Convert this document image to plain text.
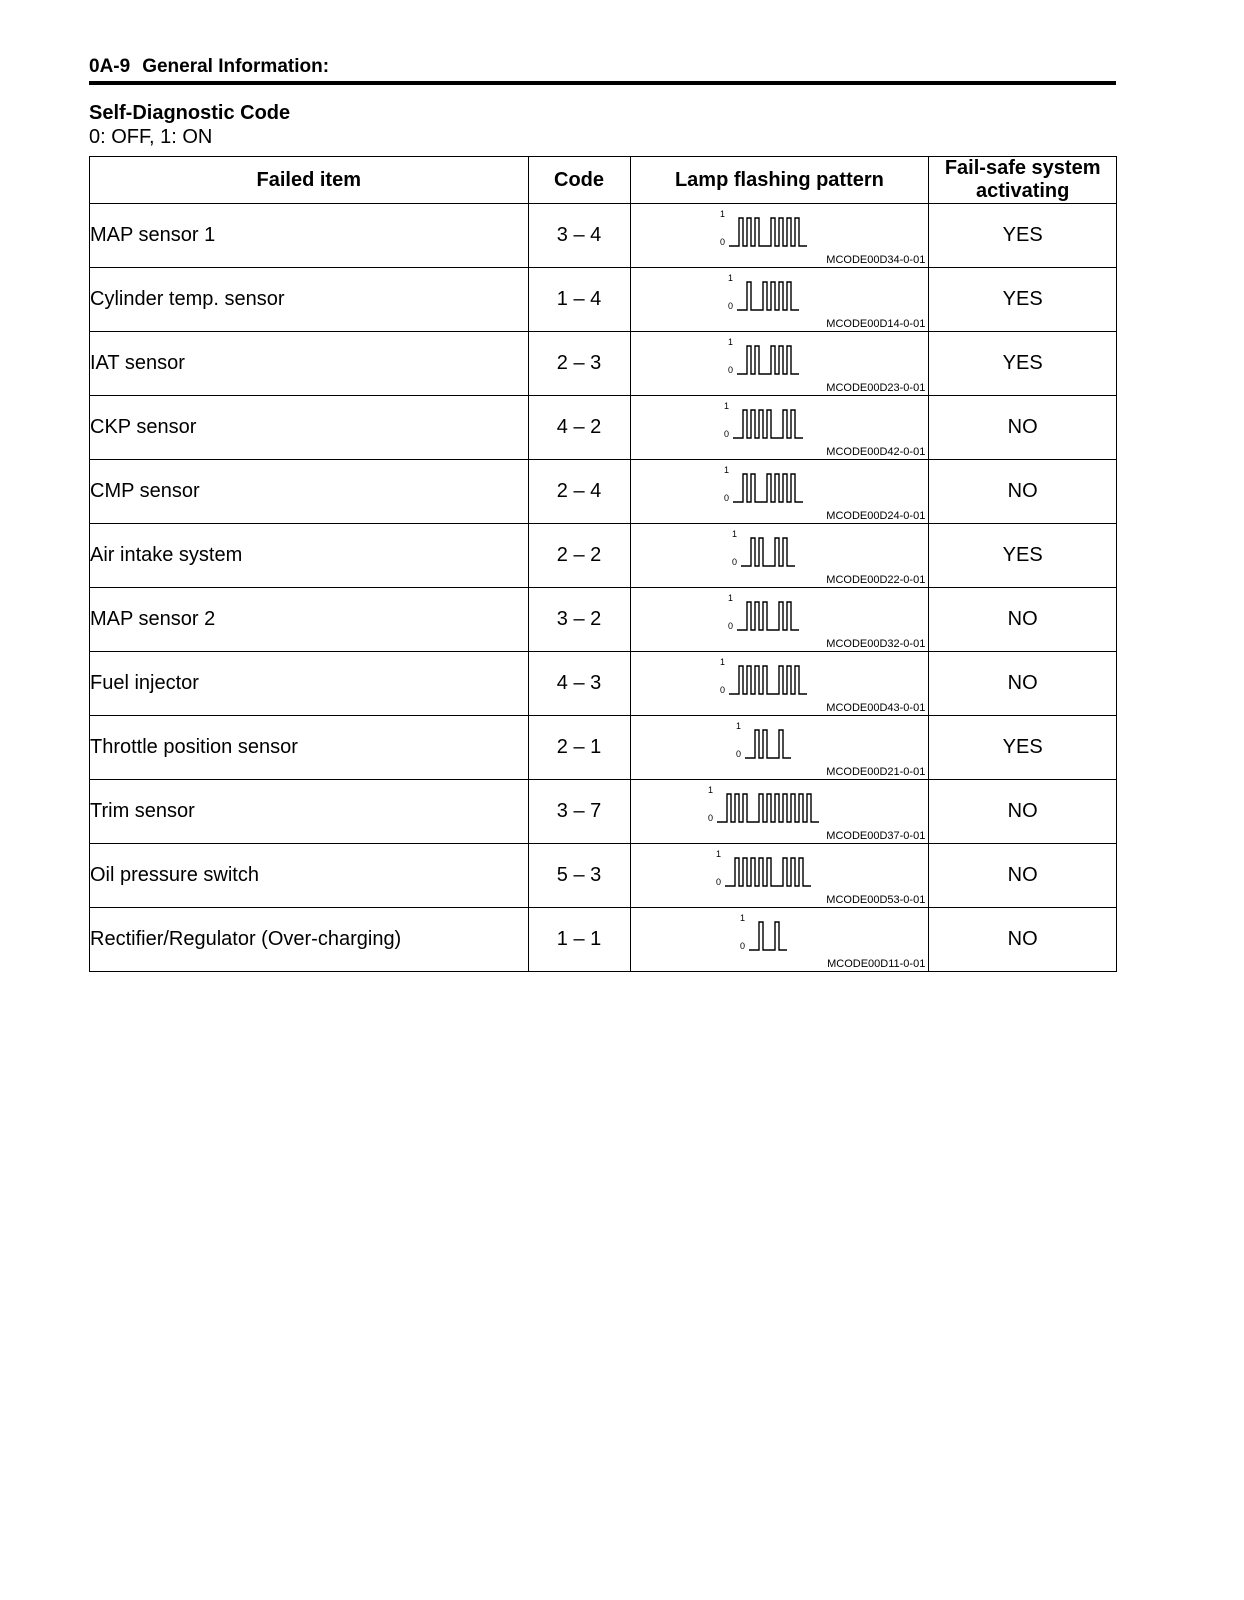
0A-9 General Information:
Self-Diagnostic Code
0: OFF, 1: ON
Failed item	Code	Lamp flashing pattern	Fail-safe system activating
MAP sensor 1	3 – 4	1
0
MCODE00D34-0-01	YES
Cylinder temp. sensor	1 – 4	1
0
MCODE00D14-0-01	YES
IAT sensor	2 – 3	1
0
MCODE00D23-0-01	YES
CKP sensor	4 – 2	1
0
MCODE00D42-0-01	NO
CMP sensor	2 – 4	1
0
MCODE00D24-0-01	NO
Air intake system	2 – 2	1
0
MCODE00D22-0-01	YES
MAP sensor 2	3 – 2	1
0
MCODE00D32-0-01	NO
Fuel injector	4 – 3	1
0
MCODE00D43-0-01	NO
Throttle position sensor	2 – 1	1
0
MCODE00D21-0-01	YES
Trim sensor	3 – 7	1
0
MCODE00D37-0-01	NO
Oil pressure switch	5 – 3	1
0
MCODE00D53-0-01	NO
Rectifier/Regulator (Over-charging)	1 – 1	1
0
MCODE00D11-0-01	NO
